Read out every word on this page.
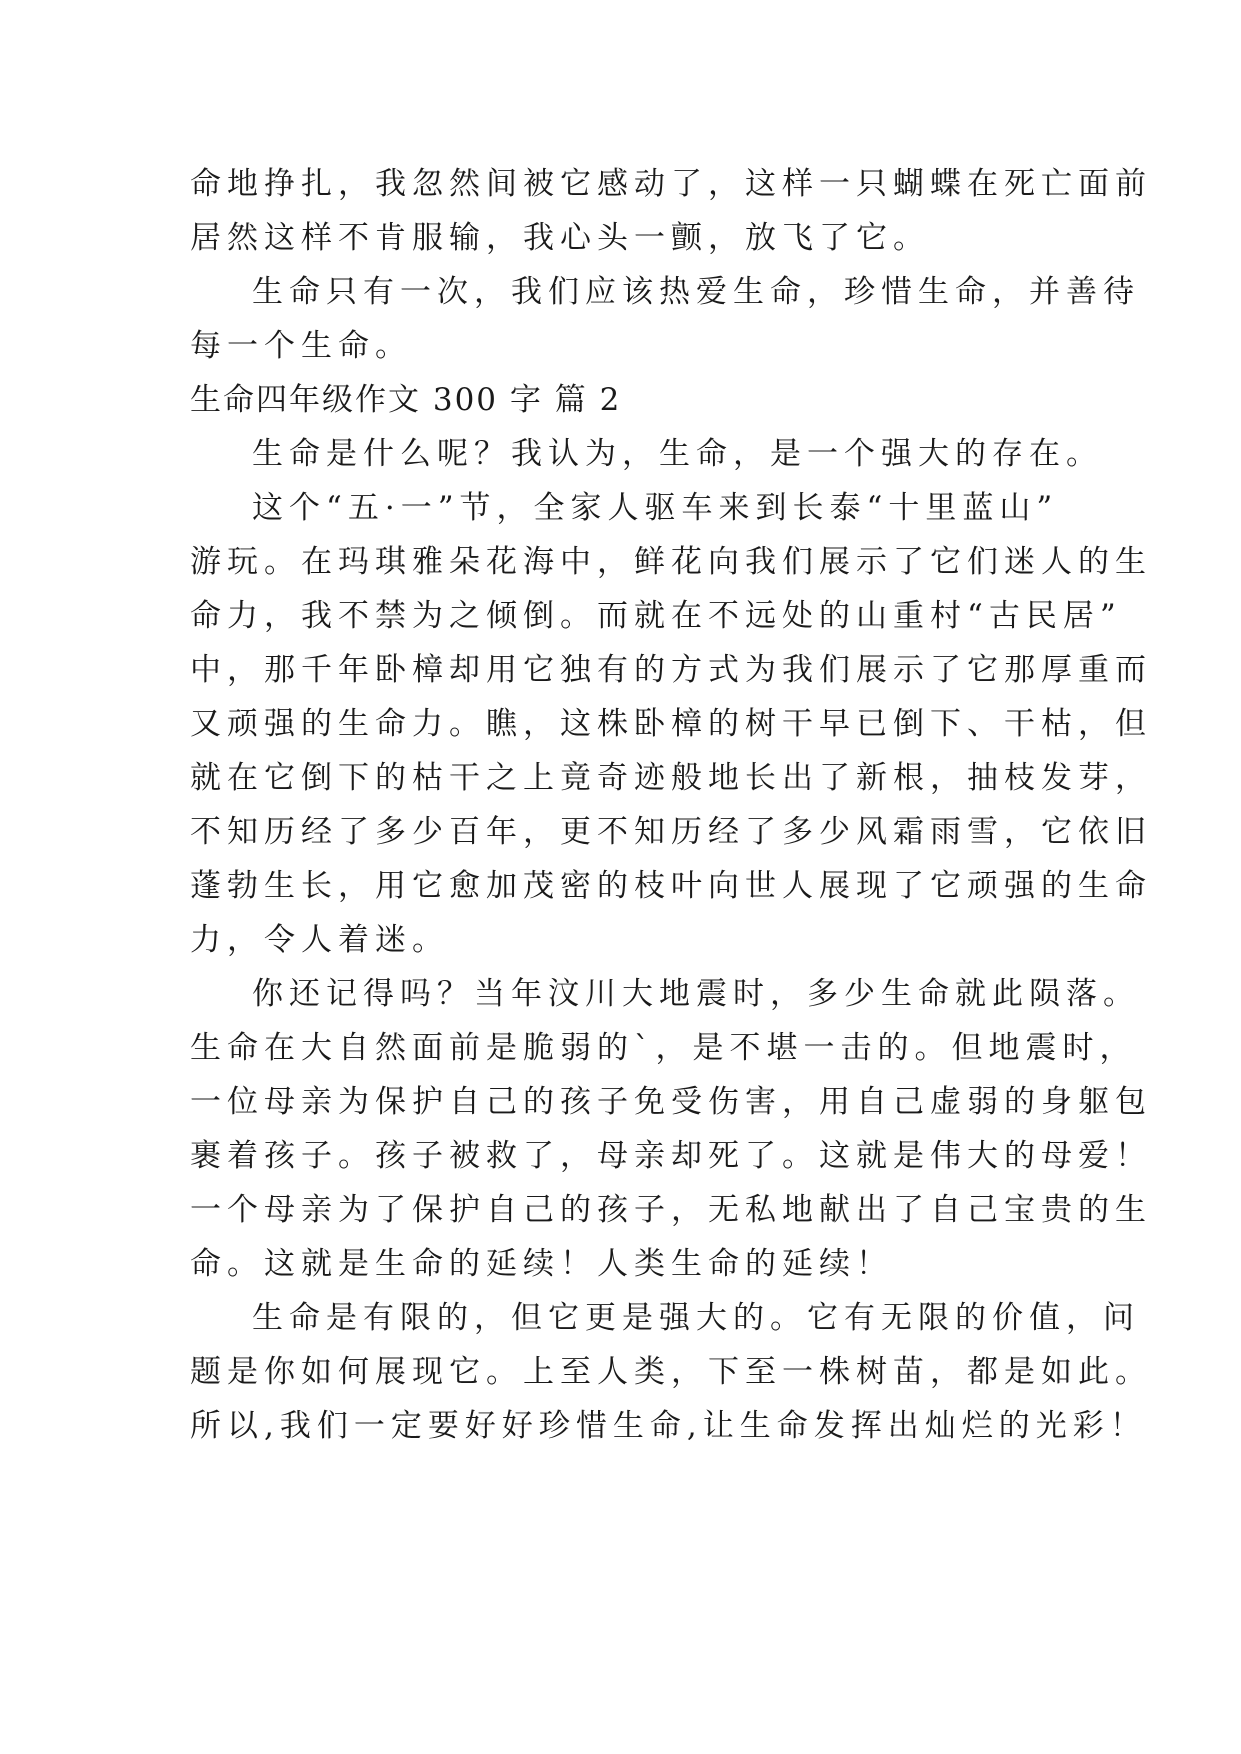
命地挣扎，我忽然间被它感动了，这样一只蝴蝶在死亡面前
居然这样不肯服输，我心头一颤，放飞了它。
生命只有一次，我们应该热爱生命，珍惜生命，并善待
每一个生命。
生命四年级作文 300 字 篇 2
生命是什么呢？我认为，生命，是一个强大的存在。
这个“五·一”节，全家人驱车来到长泰“十里蓝山”
游玩。在玛琪雅朵花海中，鲜花向我们展示了它们迷人的生
命力，我不禁为之倾倒。而就在不远处的山重村“古民居”
中，那千年卧樟却用它独有的方式为我们展示了它那厚重而
又顽强的生命力。瞧，这株卧樟的树干早已倒下、干枯，但
就在它倒下的枯干之上竟奇迹般地长出了新根，抽枝发芽，
不知历经了多少百年，更不知历经了多少风霜雨雪，它依旧
蓬勃生长，用它愈加茂密的枝叶向世人展现了它顽强的生命
力，令人着迷。
你还记得吗？当年汶川大地震时，多少生命就此陨落。
生命在大自然面前是脆弱的`，是不堪一击的。但地震时，
一位母亲为保护自己的孩子免受伤害，用自己虚弱的身躯包
裹着孩子。孩子被救了，母亲却死了。这就是伟大的母爱！
一个母亲为了保护自己的孩子，无私地献出了自己宝贵的生
命。这就是生命的延续！人类生命的延续！
生命是有限的，但它更是强大的。它有无限的价值，问
题是你如何展现它。上至人类，下至一株树苗，都是如此。
所以,我们一定要好好珍惜生命,让生命发挥出灿烂的光彩！
